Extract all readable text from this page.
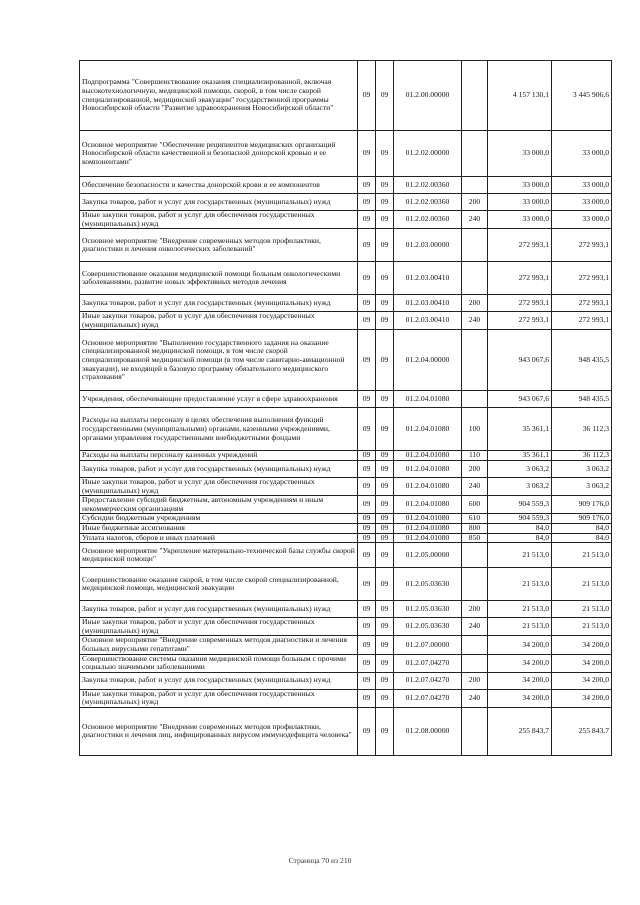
Подпрограмма "Совершенствование оказания специализированной, включая высокотехнологичную, медицинской помощи, скорой, в том числе скорой специализированной, медицинской эвакуации" государственной программы Новосибирской области "Развитие здравоохранения Новосибирской области"	09	09	01.2.00.00000		4 157 130,1	3 445 906,6
Основное мероприятие "Обеспечение реципиентов медицинских организаций Новосибирской области качественной и безопасной донорской кровью и ее компонентами"	09	09	01.2.02.00000		33 000,0	33 000,0
Обеспечение безопасности и качества донорской крови и ее компонентов	09	09	01.2.02.00360		33 000,0	33 000,0
Закупка товаров, работ и услуг для государственных (муниципальных) нужд	09	09	01.2.02.00360	200	33 000,0	33 000,0
Иные закупки товаров, работ и услуг для обеспечения государственных (муниципальных) нужд	09	09	01.2.02.00360	240	33 000,0	33 000,0
Основное мероприятие "Внедрение современных методов профилактики, диагностики и лечения онкологических заболеваний"	09	09	01.2.03.00000		272 993,1	272 993,1
Совершенствование оказания медицинской помощи больным онкологическими заболеваниями, развитие новых эффективных методов лечения	09	09	01.2.03.00410		272 993,1	272 993,1
Закупка товаров, работ и услуг для государственных (муниципальных) нужд	09	09	01.2.03.00410	200	272 993,1	272 993,1
Иные закупки товаров, работ и услуг для обеспечения государственных (муниципальных) нужд	09	09	01.2.03.00410	240	272 993,1	272 993,1
Основное мероприятие "Выполнение государственного задания на оказание специализированной медицинской помощи, в том числе скорой специализированной медицинской помощи (в том числе санитарно-авиационной эвакуации), не входящей в базовую программу обязательного медицинского страхования"	09	09	01.2.04.00000		943 067,6	948 435,5
Учреждения, обеспечивающие предоставление услуг в сфере здравоохранения	09	09	01.2.04.01080		943 067,6	948 435,5
Расходы на выплаты персоналу в целях обеспечения выполнения функций государственными (муниципальными) органами, казенными учреждениями, органами управления государственными внебюджетными фондами	09	09	01.2.04.01080	100	35 361,1	36 112,3
Расходы на выплаты персоналу казенных учреждений	09	09	01.2.04.01080	110	35 361,1	36 112,3
Закупка товаров, работ и услуг для государственных (муниципальных) нужд	09	09	01.2.04.01080	200	3 063,2	3 063,2
Иные закупки товаров, работ и услуг для обеспечения государственных (муниципальных) нужд	09	09	01.2.04.01080	240	3 063,2	3 063,2
Предоставление субсидий бюджетным, автономным учреждениям и иным некоммерческим организациям	09	09	01.2.04.01080	600	904 559,3	909 176,0
Субсидии бюджетным учреждениям	09	09	01.2.04.01080	610	904 559,3	909 176,0
Иные бюджетные ассигнования	09	09	01.2.04.01080	800	84,0	84,0
Уплата налогов, сборов и иных платежей	09	09	01.2.04.01080	850	84,0	84,0
Основное мероприятие "Укрепление материально-технической базы службы скорой медицинской помощи"	09	09	01.2.05.00000		21 513,0	21 513,0
Совершенствование оказания скорой, в том числе скорой специализированной, медицинской помощи, медицинской эвакуации	09	09	01.2.05.03630		21 513,0	21 513,0
Закупка товаров, работ и услуг для государственных (муниципальных) нужд	09	09	01.2.05.03630	200	21 513,0	21 513,0
Иные закупки товаров, работ и услуг для обеспечения государственных (муниципальных) нужд	09	09	01.2.05.03630	240	21 513,0	21 513,0
Основное мероприятие "Внедрение современных методов диагностики и лечения больных вирусными гепатитами"	09	09	01.2.07.00000		34 200,0	34 200,0
Совершенствование системы оказания медицинской помощи больным с прочими социально значимыми заболеваниями	09	09	01.2.07.04270		34 200,0	34 200,0
Закупка товаров, работ и услуг для государственных (муниципальных) нужд	09	09	01.2.07.04270	200	34 200,0	34 200,0
Иные закупки товаров, работ и услуг для обеспечения государственных (муниципальных) нужд	09	09	01.2.07.04270	240	34 200,0	34 200,0
Основное мероприятие "Внедрение современных методов профилактики, диагностики и лечения лиц, инфицированных вирусом иммунодефицита человека"	09	09	01.2.08.00000		255 843,7	255 843,7
Страница 70 из 210
